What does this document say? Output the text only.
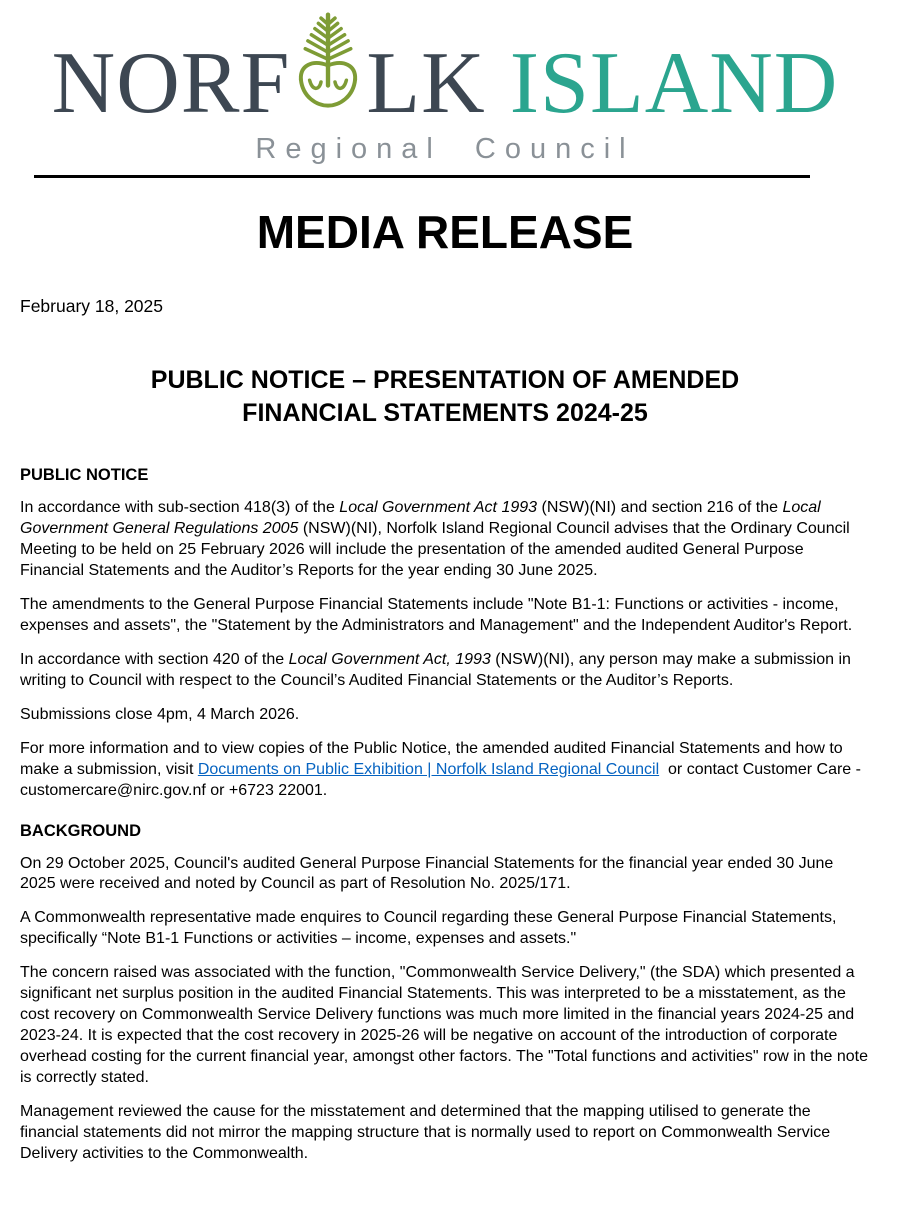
NORF LK ISLAND
Regional Council
MEDIA RELEASE
February 18, 2025
PUBLIC NOTICE – PRESENTATION OF AMENDED FINANCIAL STATEMENTS 2024-25
PUBLIC NOTICE

In accordance with sub-section 418(3) of the Local Government Act 1993 (NSW)(NI) and section 216 of the Local Government General Regulations 2005 (NSW)(NI), Norfolk Island Regional Council advises that the Ordinary Council Meeting to be held on 25 February 2026 will include the presentation of the amended audited General Purpose Financial Statements and the Auditor’s Reports for the year ending 30 June 2025.

The amendments to the General Purpose Financial Statements include "Note B1-1: Functions or activities - income, expenses and assets", the "Statement by the Administrators and Management" and the Independent Auditor's Report.

In accordance with section 420 of the Local Government Act, 1993 (NSW)(NI), any person may make a submission in writing to Council with respect to the Council’s Audited Financial Statements or the Auditor’s Reports.

Submissions close 4pm, 4 March 2026.

For more information and to view copies of the Public Notice, the amended audited Financial Statements and how to make a submission, visit Documents on Public Exhibition | Norfolk Island Regional Council  or contact Customer Care - customercare@nirc.gov.nf or +6723 22001.

BACKGROUND

On 29 October 2025, Council's audited General Purpose Financial Statements for the financial year ended 30 June 2025 were received and noted by Council as part of Resolution No. 2025/171.

A Commonwealth representative made enquires to Council regarding these General Purpose Financial Statements, specifically “Note B1-1 Functions or activities – income, expenses and assets."

The concern raised was associated with the function, "Commonwealth Service Delivery," (the SDA) which presented a significant net surplus position in the audited Financial Statements. This was interpreted to be a misstatement, as the cost recovery on Commonwealth Service Delivery functions was much more limited in the financial years 2024-25 and 2023-24. It is expected that the cost recovery in 2025-26 will be negative on account of the introduction of corporate overhead costing for the current financial year, amongst other factors. The "Total functions and activities" row in the note is correctly stated.

Management reviewed the cause for the misstatement and determined that the mapping utilised to generate the financial statements did not mirror the mapping structure that is normally used to report on Commonwealth Service Delivery activities to the Commonwealth.
